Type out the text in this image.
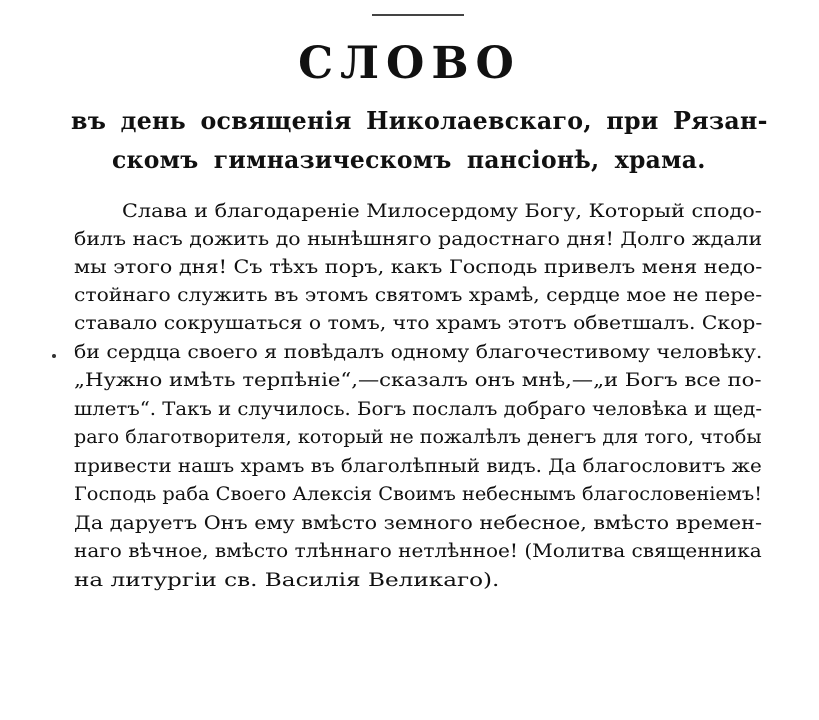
СЛОВО
въ день освященія Николаевскаго, при Рязан-
скомъ гимназическомъ пансіонѣ, храма.
Слава и благодареніе Милосердому Богу, Который сподо-
билъ насъ дожить до нынѣшняго радостнаго дня! Долго ждали
мы этого дня! Съ тѣхъ поръ, какъ Господь привелъ меня недо-
стойнаго служить въ этомъ святомъ храмѣ, сердце мое не пере-
ставало сокрушаться о томъ, что храмъ этотъ обветшалъ. Скор-
би сердца своего я повѣдалъ одному благочестивому человѣку.
„Нужно имѣть терпѣніе“,—сказалъ онъ мнѣ,—„и Богъ все по-
шлетъ“. Такъ и случилось. Богъ послалъ добраго человѣка и щед-
раго благотворителя, который не пожалѣлъ денегъ для того, чтобы
привести нашъ храмъ въ благолѣпный видъ. Да благословитъ же
Господь раба Своего Алексія Своимъ небеснымъ благословеніемъ!
Да даруетъ Онъ ему вмѣсто земного небесное, вмѣсто времен-
наго вѣчное, вмѣсто тлѣннаго нетлѣнное! (Молитва священника
на литургіи св. Василія Великаго).
